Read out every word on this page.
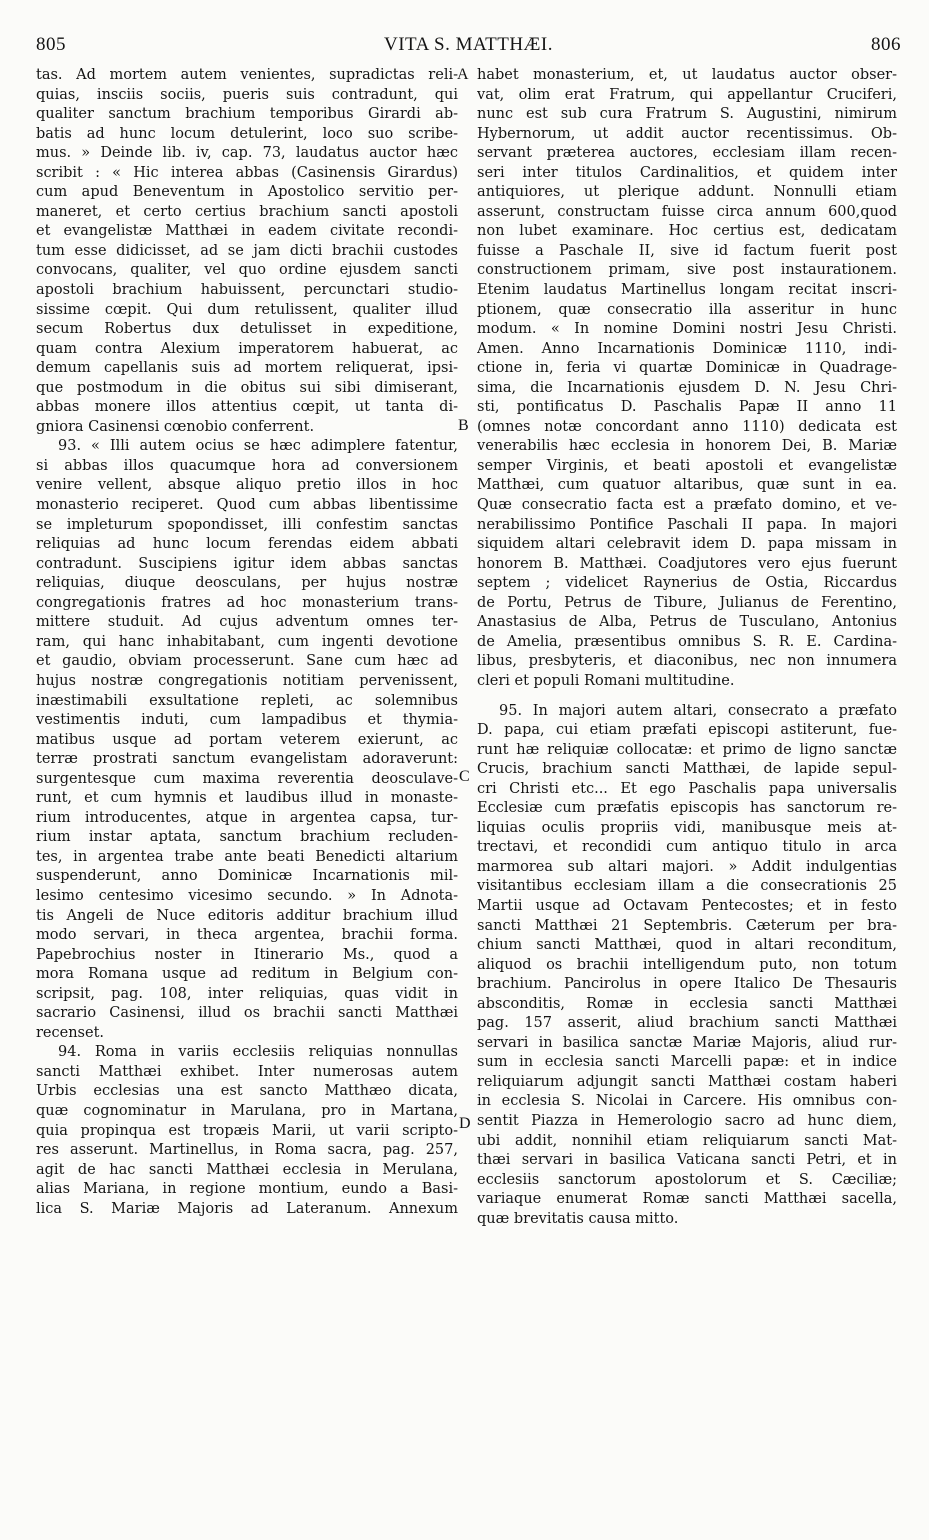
805	VITA S. MATTHÆI.	806
tas. Ad mortem autem venientes, supradictas reli-
quias, insciis sociis, pueris suis contradunt, qui
qualiter sanctum brachium temporibus Girardi ab-
batis ad hunc locum detulerint, loco suo scribe-
mus. » Deinde lib. iv, cap. 73, laudatus auctor hæc
scribit : « Hic interea abbas (Casinensis Girardus)
cum apud Beneventum in Apostolico servitio per-
maneret, et certo certius brachium sancti apostoli
et evangelistæ Matthæi in eadem civitate recondi-
tum esse didicisset, ad se jam dicti brachii custodes
convocans, qualiter, vel quo ordine ejusdem sancti
apostoli brachium habuissent, percunctari studio-
sissime cœpit. Qui dum retulissent, qualiter illud
secum Robertus dux detulisset in expeditione,
quam contra Alexium imperatorem habuerat, ac
demum capellanis suis ad mortem reliquerat, ipsi-
que postmodum in die obitus sui sibi dimiserant,
abbas monere illos attentius cœpit, ut tanta di-
gniora Casinensi cœnobio conferrent.
93. « Illi autem ocius se hæc adimplere fatentur,
si abbas illos quacumque hora ad conversionem
venire vellent, absque aliquo pretio illos in hoc
monasterio reciperet. Quod cum abbas libentissime
se impleturum spopondisset, illi confestim sanctas
reliquias ad hunc locum ferendas eidem abbati
contradunt. Suscipiens igitur idem abbas sanctas
reliquias, diuque deosculans, per hujus nostræ
congregationis fratres ad hoc monasterium trans-
mittere studuit. Ad cujus adventum omnes ter-
ram, qui hanc inhabitabant, cum ingenti devotione
et gaudio, obviam processerunt. Sane cum hæc ad
hujus nostræ congregationis notitiam pervenissent,
inæstimabili exsultatione repleti, ac solemnibus
vestimentis induti, cum lampadibus et thymia-
matibus usque ad portam veterem exierunt, ac
terræ prostrati sanctum evangelistam adoraverunt:
surgentesque cum maxima reverentia deosculave-
runt, et cum hymnis et laudibus illud in monaste-
rium introducentes, atque in argentea capsa, tur-
rium instar aptata, sanctum brachium recluden-
tes, in argentea trabe ante beati Benedicti altarium
suspenderunt, anno Dominicæ Incarnationis mil-
lesimo centesimo vicesimo secundo. » In Adnota-
tis Angeli de Nuce editoris additur brachium illud
modo servari, in theca argentea, brachii forma.
Papebrochius noster in Itinerario Ms., quod a
mora Romana usque ad reditum in Belgium con-
scripsit, pag. 108, inter reliquias, quas vidit in
sacrario Casinensi, illud os brachii sancti Matthæi
recenset.
94. Roma in variis ecclesiis reliquias nonnullas
sancti Matthæi exhibet. Inter numerosas autem
Urbis ecclesias una est sancto Matthæo dicata,
quæ cognominatur in Marulana, pro in Martana,
quia propinqua est tropæis Marii, ut varii scripto-
res asserunt. Martinellus, in Roma sacra, pag. 257,
agit de hac sancti Matthæi ecclesia in Merulana,
alias Mariana, in regione montium, eundo a Basi-
lica S. Mariæ Majoris ad Lateranum. Annexum
habet monasterium, et, ut laudatus auctor obser-
vat, olim erat Fratrum, qui appellantur Cruciferi,
nunc est sub cura Fratrum S. Augustini, nimirum
Hybernorum, ut addit auctor recentissimus. Ob-
servant præterea auctores, ecclesiam illam recen-
seri inter titulos Cardinalitios, et quidem inter
antiquiores, ut plerique addunt. Nonnulli etiam
asserunt, constructam fuisse circa annum 600,quod
non lubet examinare. Hoc certius est, dedicatam
fuisse a Paschale II, sive id factum fuerit post
constructionem primam, sive post instaurationem.
Etenim laudatus Martinellus longam recitat inscri-
ptionem, quæ consecratio illa asseritur in hunc
modum. « In nomine Domini nostri Jesu Christi.
Amen. Anno Incarnationis Dominicæ 1110, indi-
ctione in, feria vi quartæ Dominicæ in Quadrage-
sima, die Incarnationis ejusdem D. N. Jesu Chri-
sti, pontificatus D. Paschalis Papæ II anno 11
(omnes notæ concordant anno 1110) dedicata est
venerabilis hæc ecclesia in honorem Dei, B. Mariæ
semper Virginis, et beati apostoli et evangelistæ
Matthæi, cum quatuor altaribus, quæ sunt in ea.
Quæ consecratio facta est a præfato domino, et ve-
nerabilissimo Pontifice Paschali II papa. In majori
siquidem altari celebravit idem D. papa missam in
honorem B. Matthæi. Coadjutores vero ejus fuerunt
septem ; videlicet Raynerius de Ostia, Riccardus
de Portu, Petrus de Tibure, Julianus de Ferentino,
Anastasius de Alba, Petrus de Tusculano, Antonius
de Amelia, præsentibus omnibus S. R. E. Cardina-
libus, presbyteris, et diaconibus, nec non innumera
cleri et populi Romani multitudine.
95. In majori autem altari, consecrato a præfato
D. papa, cui etiam præfati episcopi astiterunt, fue-
runt hæ reliquiæ collocatæ: et primo de ligno sanctæ
Crucis, brachium sancti Matthæi, de lapide sepul-
cri Christi etc... Et ego Paschalis papa universalis
Ecclesiæ cum præfatis episcopis has sanctorum re-
liquias oculis propriis vidi, manibusque meis at-
trectavi, et recondidi cum antiquo titulo in arca
marmorea sub altari majori. » Addit indulgentias
visitantibus ecclesiam illam a die consecrationis 25
Martii usque ad Octavam Pentecostes; et in festo
sancti Matthæi 21 Septembris. Cæterum per bra-
chium sancti Matthæi, quod in altari reconditum,
aliquod os brachii intelligendum puto, non totum
brachium. Pancirolus in opere Italico De Thesauris
absconditis, Romæ in ecclesia sancti Matthæi
pag. 157 asserit, aliud brachium sancti Matthæi
servari in basilica sanctæ Mariæ Majoris, aliud rur-
sum in ecclesia sancti Marcelli papæ: et in indice
reliquiarum adjungit sancti Matthæi costam haberi
in ecclesia S. Nicolai in Carcere. His omnibus con-
sentit Piazza in Hemerologio sacro ad hunc diem,
ubi addit, nonnihil etiam reliquiarum sancti Mat-
thæi servari in basilica Vaticana sancti Petri, et in
ecclesiis sanctorum apostolorum et S. Cæciliæ;
variaque enumerat Romæ sancti Matthæi sacella,
quæ brevitatis causa mitto.
A
B
C
D
